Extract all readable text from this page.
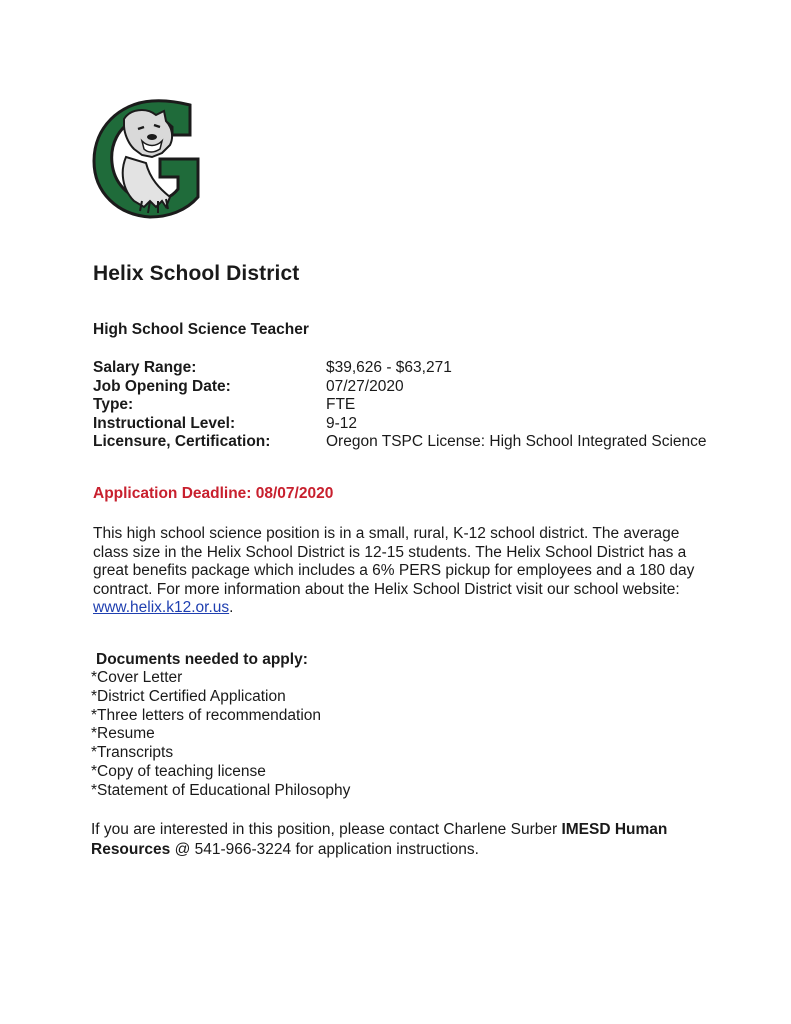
Helix School District
High School Science Teacher
Salary Range:	$39,626 - $63,271
Job Opening Date:	07/27/2020
Type:	FTE
Instructional Level:	9-12
Licensure, Certification:	Oregon TSPC License: High School Integrated Science
Application Deadline: 08/07/2020
This high school science position is in a small, rural, K-12 school district. The average class size in the Helix School District is 12-15 students. The Helix School District has a great benefits package which includes a 6% PERS pickup for employees and a 180 day contract. For more information about the Helix School District visit our school website: www.helix.k12.or.us.
Documents needed to apply:
*Cover Letter
*District Certified Application
*Three letters of recommendation
*Resume
*Transcripts
*Copy of teaching license
*Statement of Educational Philosophy
If you are interested in this position, please contact Charlene Surber IMESD Human Resources @ 541-966-3224 for application instructions.
